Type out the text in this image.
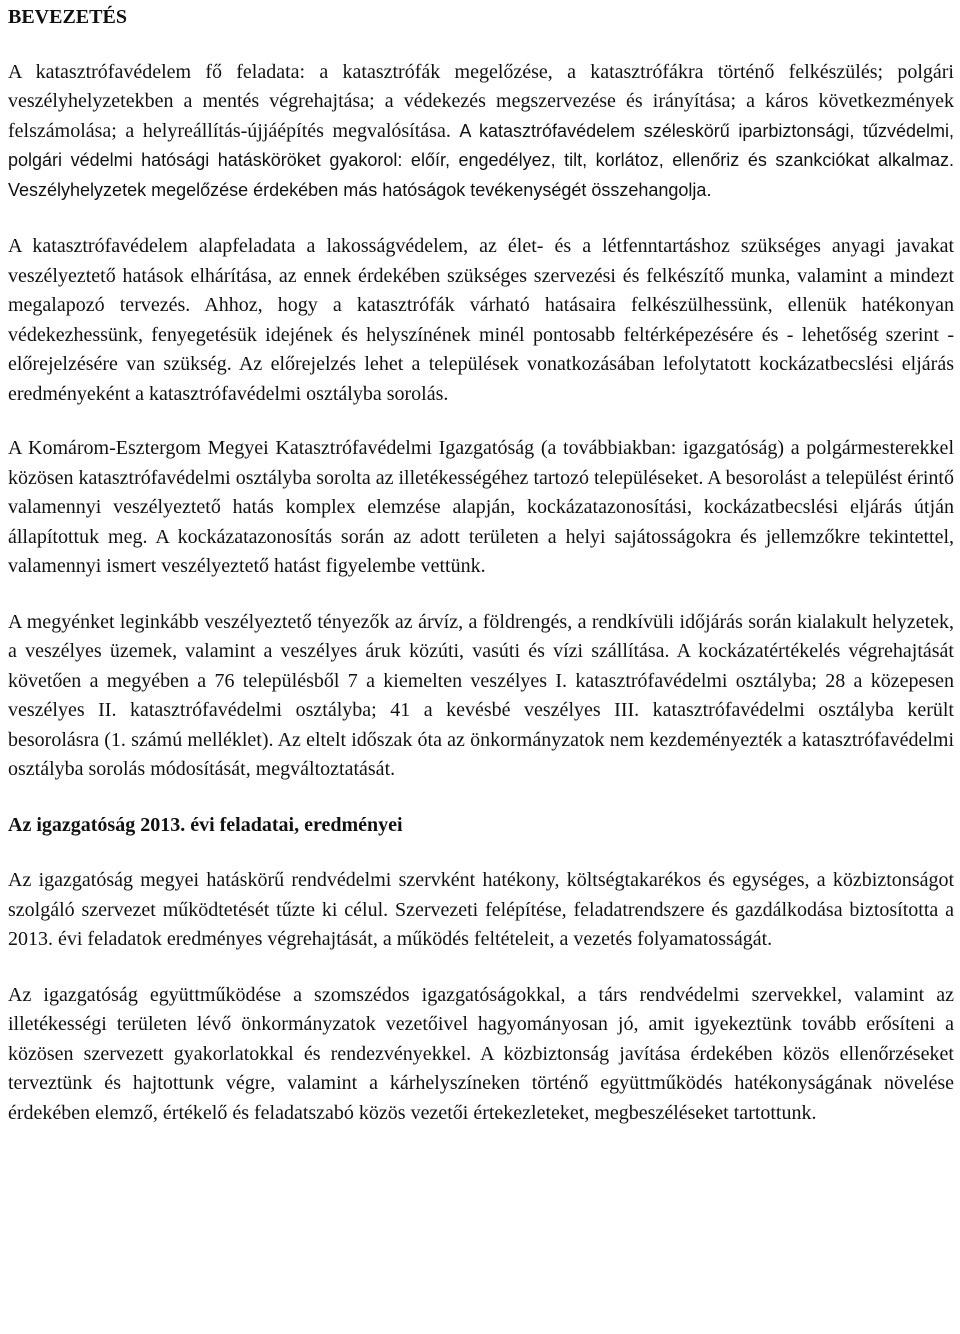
BEVEZETÉS

A katasztrófavédelem fő feladata: a katasztrófák megelőzése, a katasztrófákra történő felkészülés; polgári veszélyhelyzetekben a mentés végrehajtása; a védekezés megszervezése és irányítása; a káros következmények felszámolása; a helyreállítás-újjáépítés megvalósítása. A katasztrófavédelem széleskörű iparbiztonsági, tűzvédelmi, polgári védelmi hatósági hatásköröket gyakorol: előír, engedélyez, tilt, korlátoz, ellenőriz és szankciókat alkalmaz. Veszélyhelyzetek megelőzése érdekében más hatóságok tevékenységét összehangolja.

A katasztrófavédelem alapfeladata a lakosságvédelem, az élet- és a létfenntartáshoz szükséges anyagi javakat veszélyeztető hatások elhárítása, az ennek érdekében szükséges szervezési és felkészítő munka, valamint a mindezt megalapozó tervezés. Ahhoz, hogy a katasztrófák várható hatásaira felkészülhessünk, ellenük hatékonyan védekezhessünk, fenyegetésük idejének és helyszínének minél pontosabb feltérképezésére és - lehetőség szerint - előrejelzésére van szükség. Az előrejelzés lehet a települések vonatkozásában lefolytatott kockázatbecslési eljárás eredményeként a katasztrófavédelmi osztályba sorolás.

A Komárom-Esztergom Megyei Katasztrófavédelmi Igazgatóság (a továbbiakban: igazgatóság) a polgármesterekkel közösen katasztrófavédelmi osztályba sorolta az illetékességéhez tartozó településeket. A besorolást a települést érintő valamennyi veszélyeztető hatás komplex elemzése alapján, kockázatazonosítási, kockázatbecslési eljárás útján állapítottuk meg. A kockázatazonosítás során az adott területen a helyi sajátosságokra és jellemzőkre tekintettel, valamennyi ismert veszélyeztető hatást figyelembe vettünk.

A megyénket leginkább veszélyeztető tényezők az árvíz, a földrengés, a rendkívüli időjárás során kialakult helyzetek, a veszélyes üzemek, valamint a veszélyes áruk közúti, vasúti és vízi szállítása. A kockázatértékelés végrehajtását követően a megyében a 76 településből 7 a kiemelten veszélyes I. katasztrófavédelmi osztályba; 28 a közepesen veszélyes II. katasztrófavédelmi osztályba; 41 a kevésbé veszélyes III. katasztrófavédelmi osztályba került besorolásra (1. számú melléklet). Az eltelt időszak óta az önkormányzatok nem kezdeményezték a katasztrófavédelmi osztályba sorolás módosítását, megváltoztatását.

Az igazgatóság 2013. évi feladatai, eredményei

Az igazgatóság megyei hatáskörű rendvédelmi szervként hatékony, költségtakarékos és egységes, a közbiztonságot szolgáló szervezet működtetését tűzte ki célul. Szervezeti felépítése, feladatrendszere és gazdálkodása biztosította a 2013. évi feladatok eredményes végrehajtását, a működés feltételeit, a vezetés folyamatosságát.

Az igazgatóság együttműködése a szomszédos igazgatóságokkal, a társ rendvédelmi szervekkel, valamint az illetékességi területen lévő önkormányzatok vezetőivel hagyományosan jó, amit igyekeztünk tovább erősíteni a közösen szervezett gyakorlatokkal és rendezvényekkel. A közbiztonság javítása érdekében közös ellenőrzéseket terveztünk és hajtottunk végre, valamint a kárhelyszíneken történő együttműködés hatékonyságának növelése érdekében elemző, értékelő és feladatszabó közös vezetői értekezleteket, megbeszéléseket tartottunk.
